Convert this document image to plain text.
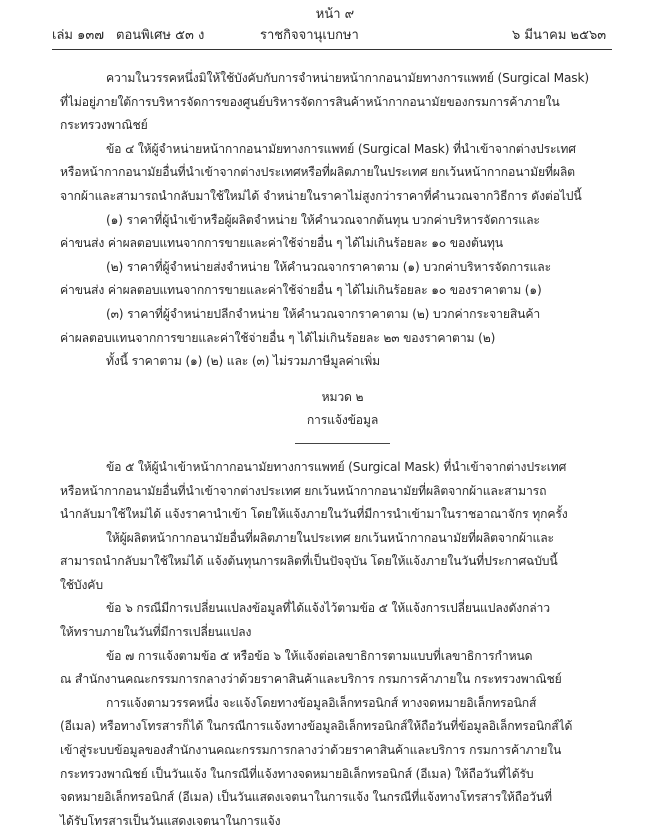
หน้า ๙
เล่ม ๑๓๗ ตอนพิเศษ ๕๓ ง	ราชกิจจานุเบกษา	๖ มีนาคม ๒๕๖๓
ความในวรรคหนึ่งมิให้ใช้บังคับกับการจำหน่ายหน้ากากอนามัยทางการแพทย์ (Surgical Mask)
ที่ไม่อยู่ภายใต้การบริหารจัดการของศูนย์บริหารจัดการสินค้าหน้ากากอนามัยของกรมการค้าภายใน
กระทรวงพาณิชย์
ข้อ ๔ ให้ผู้จำหน่ายหน้ากากอนามัยทางการแพทย์ (Surgical Mask) ที่นำเข้าจากต่างประเทศ
หรือหน้ากากอนามัยอื่นที่นำเข้าจากต่างประเทศหรือที่ผลิตภายในประเทศ ยกเว้นหน้ากากอนามัยที่ผลิต
จากผ้าและสามารถนำกลับมาใช้ใหม่ได้ จำหน่ายในราคาไม่สูงกว่าราคาที่คำนวณจากวิธีการ ดังต่อไปนี้
(๑) ราคาที่ผู้นำเข้าหรือผู้ผลิตจำหน่าย ให้คำนวณจากต้นทุน บวกค่าบริหารจัดการและ
ค่าขนส่ง ค่าผลตอบแทนจากการขายและค่าใช้จ่ายอื่น ๆ ได้ไม่เกินร้อยละ ๑๐ ของต้นทุน
(๒) ราคาที่ผู้จำหน่ายส่งจำหน่าย ให้คำนวณจากราคาตาม (๑) บวกค่าบริหารจัดการและ
ค่าขนส่ง ค่าผลตอบแทนจากการขายและค่าใช้จ่ายอื่น ๆ ได้ไม่เกินร้อยละ ๑๐ ของราคาตาม (๑)
(๓) ราคาที่ผู้จำหน่ายปลีกจำหน่าย ให้คำนวณจากราคาตาม (๒) บวกค่ากระจายสินค้า
ค่าผลตอบแทนจากการขายและค่าใช้จ่ายอื่น ๆ ได้ไม่เกินร้อยละ ๒๓ ของราคาตาม (๒)
ทั้งนี้ ราคาตาม (๑) (๒) และ (๓) ไม่รวมภาษีมูลค่าเพิ่ม
หมวด ๒
การแจ้งข้อมูล
ข้อ ๕ ให้ผู้นำเข้าหน้ากากอนามัยทางการแพทย์ (Surgical Mask) ที่นำเข้าจากต่างประเทศ
หรือหน้ากากอนามัยอื่นที่นำเข้าจากต่างประเทศ ยกเว้นหน้ากากอนามัยที่ผลิตจากผ้าและสามารถ
นำกลับมาใช้ใหม่ได้ แจ้งราคานำเข้า โดยให้แจ้งภายในวันที่มีการนำเข้ามาในราชอาณาจักร ทุกครั้ง
ให้ผู้ผลิตหน้ากากอนามัยอื่นที่ผลิตภายในประเทศ ยกเว้นหน้ากากอนามัยที่ผลิตจากผ้าและ
สามารถนำกลับมาใช้ใหม่ได้ แจ้งต้นทุนการผลิตที่เป็นปัจจุบัน โดยให้แจ้งภายในวันที่ประกาศฉบับนี้
ใช้บังคับ
ข้อ ๖ กรณีมีการเปลี่ยนแปลงข้อมูลที่ได้แจ้งไว้ตามข้อ ๕ ให้แจ้งการเปลี่ยนแปลงดังกล่าว
ให้ทราบภายในวันที่มีการเปลี่ยนแปลง
ข้อ ๗ การแจ้งตามข้อ ๕ หรือข้อ ๖ ให้แจ้งต่อเลขาธิการตามแบบที่เลขาธิการกำหนด
ณ สำนักงานคณะกรรมการกลางว่าด้วยราคาสินค้าและบริการ กรมการค้าภายใน กระทรวงพาณิชย์
การแจ้งตามวรรคหนึ่ง จะแจ้งโดยทางข้อมูลอิเล็กทรอนิกส์ ทางจดหมายอิเล็กทรอนิกส์
(อีเมล) หรือทางโทรสารก็ได้ ในกรณีการแจ้งทางข้อมูลอิเล็กทรอนิกส์ให้ถือวันที่ข้อมูลอิเล็กทรอนิกส์ได้
เข้าสู่ระบบข้อมูลของสำนักงานคณะกรรมการกลางว่าด้วยราคาสินค้าและบริการ กรมการค้าภายใน
กระทรวงพาณิชย์ เป็นวันแจ้ง ในกรณีที่แจ้งทางจดหมายอิเล็กทรอนิกส์ (อีเมล) ให้ถือวันที่ได้รับ
จดหมายอิเล็กทรอนิกส์ (อีเมล) เป็นวันแสดงเจตนาในการแจ้ง ในกรณีที่แจ้งทางโทรสารให้ถือวันที่
ได้รับโทรสารเป็นวันแสดงเจตนาในการแจ้ง
